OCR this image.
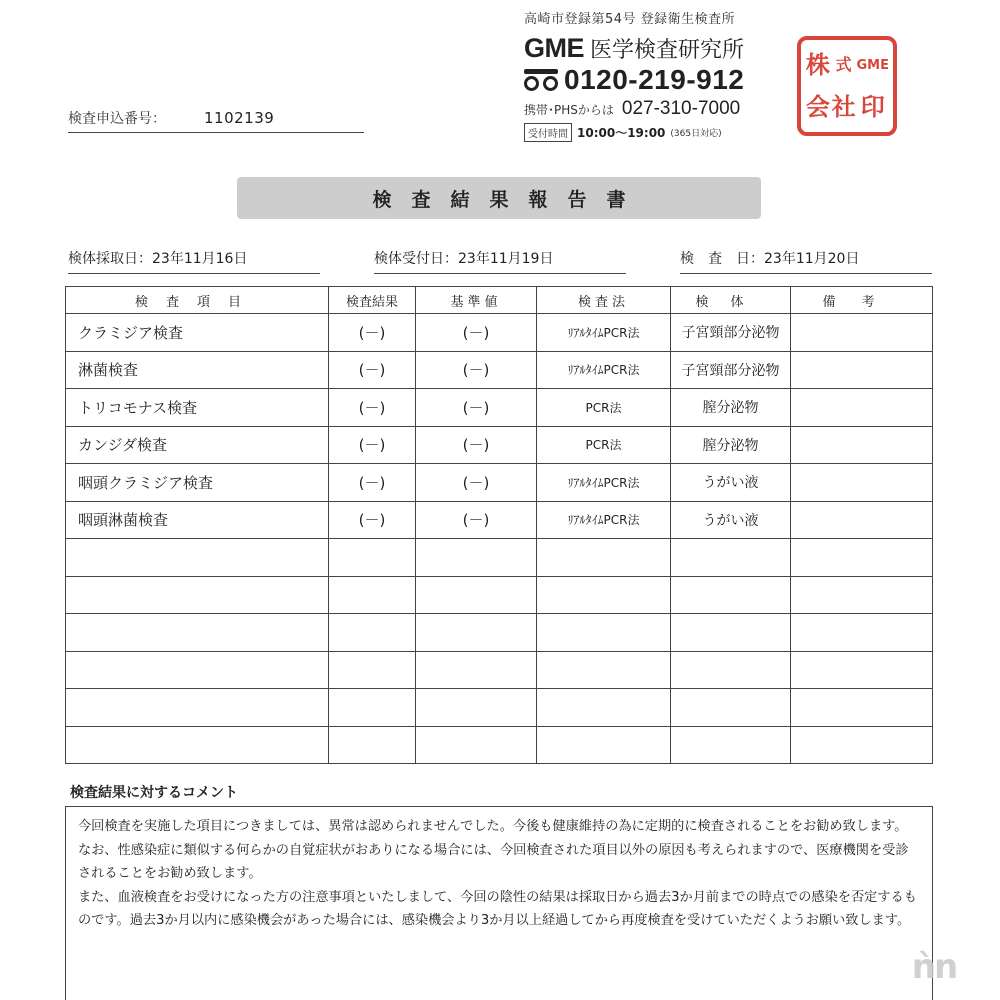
高崎市登録第54号 登録衛生検査所
GME 医学検査研究所
0120-219-912
携帯･PHSからは 027-310-7000
受付時間 10:00〜19:00 (365日対応)
株 式 GME
会 社 印
検査申込番号：	1102139
検査結果報告書
検体採取日：23年11月16日	検体受付日：23年11月19日	検　査　日：23年11月20日
検査項目	検査結果	基準値	検査法	検体	備考
クラミジア検査	(－)	(－)	ﾘｱﾙﾀｲﾑPCR法	子宮頸部分泌物	
淋菌検査	(－)	(－)	ﾘｱﾙﾀｲﾑPCR法	子宮頸部分泌物	
トリコモナス検査	(－)	(－)	PCR法	膣分泌物	
カンジダ検査	(－)	(－)	PCR法	膣分泌物	
咽頭クラミジア検査	(－)	(－)	ﾘｱﾙﾀｲﾑPCR法	うがい液	
咽頭淋菌検査	(－)	(－)	ﾘｱﾙﾀｲﾑPCR法	うがい液	

検査結果に対するコメント

今回検査を実施した項目につきましては、異常は認められませんでした。今後も健康維持の為に定期的に検査されることをお勧め致します。

なお、性感染症に類似する何らかの自覚症状がおありになる場合には、今回検査された項目以外の原因も考えられますので、医療機関を受診されることをお勧め致します。

また、血液検査をお受けになった方の注意事項といたしまして、今回の陰性の結果は採取日から過去3か月前までの時点での感染を否定するものです。過去3か月以内に感染機会があった場合には、感染機会より3か月以上経過してから再度検査を受けていただくようお願い致します。

ǹn
